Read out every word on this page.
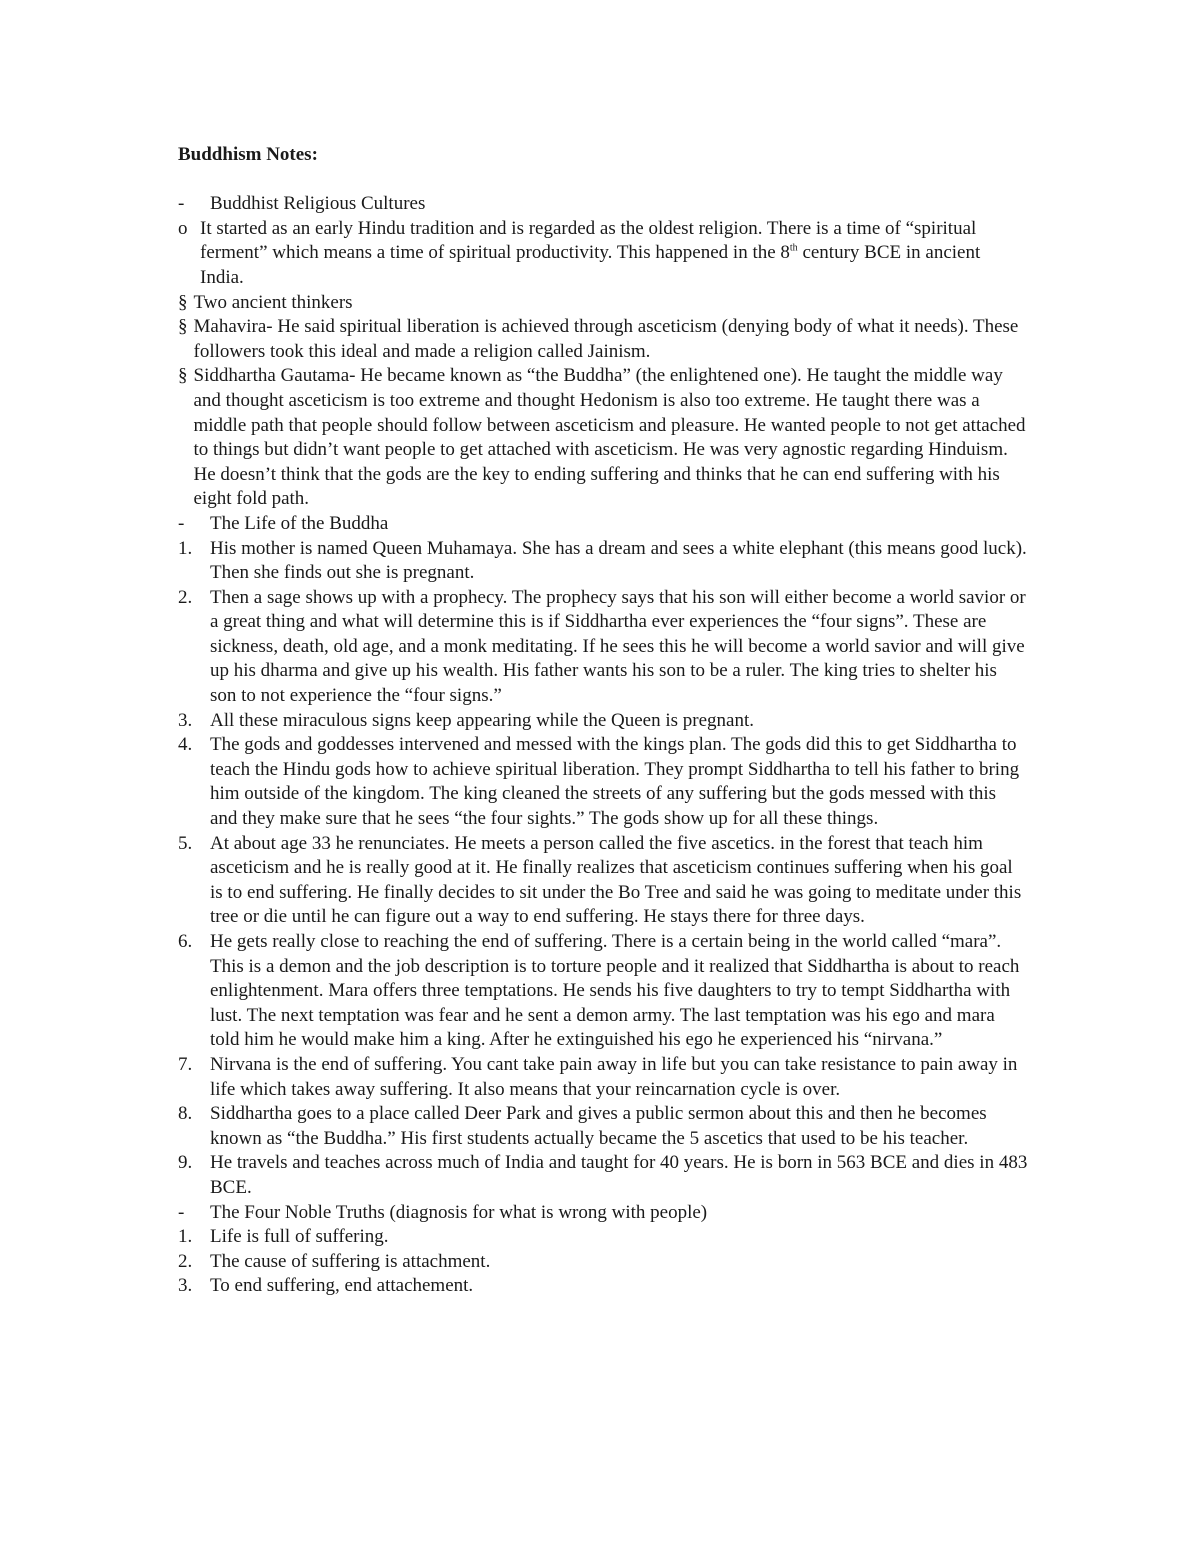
Buddhism Notes:
-	Buddhist Religious Cultures
o It started as an early Hindu tradition and is regarded as the oldest religion. There is a time of “spiritual ferment” which means a time of spiritual productivity. This happened in the 8th century BCE in ancient India.
§ Two ancient thinkers
§ Mahavira- He said spiritual liberation is achieved through asceticism (denying body of what it needs). These followers took this ideal and made a religion called Jainism.
§ Siddhartha Gautama- He became known as “the Buddha” (the enlightened one). He taught the middle way and thought asceticism is too extreme and thought Hedonism is also too extreme. He taught there was a middle path that people should follow between asceticism and pleasure. He wanted people to not get attached to things but didn’t want people to get attached with asceticism. He was very agnostic regarding Hinduism. He doesn’t think that the gods are the key to ending suffering and thinks that he can end suffering with his eight fold path.
-	The Life of the Buddha
1. His mother is named Queen Muhamaya. She has a dream and sees a white elephant (this means good luck). Then she finds out she is pregnant.
2. Then a sage shows up with a prophecy. The prophecy says that his son will either become a world savior or a great thing and what will determine this is if Siddhartha ever experiences the “four signs”. These are sickness, death, old age, and a monk meditating. If he sees this he will become a world savior and will give up his dharma and give up his wealth. His father wants his son to be a ruler. The king tries to shelter his son to not experience the “four signs.”
3. All these miraculous signs keep appearing while the Queen is pregnant.
4. The gods and goddesses intervened and messed with the kings plan. The gods did this to get Siddhartha to teach the Hindu gods how to achieve spiritual liberation. They prompt Siddhartha to tell his father to bring him outside of the kingdom. The king cleaned the streets of any suffering but the gods messed with this and they make sure that he sees “the four sights.” The gods show up for all these things.
5. At about age 33 he renunciates. He meets a person called the five ascetics. in the forest that teach him asceticism and he is really good at it. He finally realizes that asceticism continues suffering when his goal is to end suffering. He finally decides to sit under the Bo Tree and said he was going to meditate under this tree or die until he can figure out a way to end suffering. He stays there for three days.
6. He gets really close to reaching the end of suffering. There is a certain being in the world called “mara”. This is a demon and the job description is to torture people and it realized that Siddhartha is about to reach enlightenment. Mara offers three temptations. He sends his five daughters to try to tempt Siddhartha with lust. The next temptation was fear and he sent a demon army. The last temptation was his ego and mara told him he would make him a king. After he extinguished his ego he experienced his “nirvana.”
7. Nirvana is the end of suffering. You cant take pain away in life but you can take resistance to pain away in life which takes away suffering. It also means that your reincarnation cycle is over.
8. Siddhartha goes to a place called Deer Park and gives a public sermon about this and then he becomes known as “the Buddha.” His first students actually became the 5 ascetics that used to be his teacher.
9. He travels and teaches across much of India and taught for 40 years. He is born in 563 BCE and dies in 483 BCE.
-	The Four Noble Truths (diagnosis for what is wrong with people)
1. Life is full of suffering.
2. The cause of suffering is attachment.
3. To end suffering, end attachement.
